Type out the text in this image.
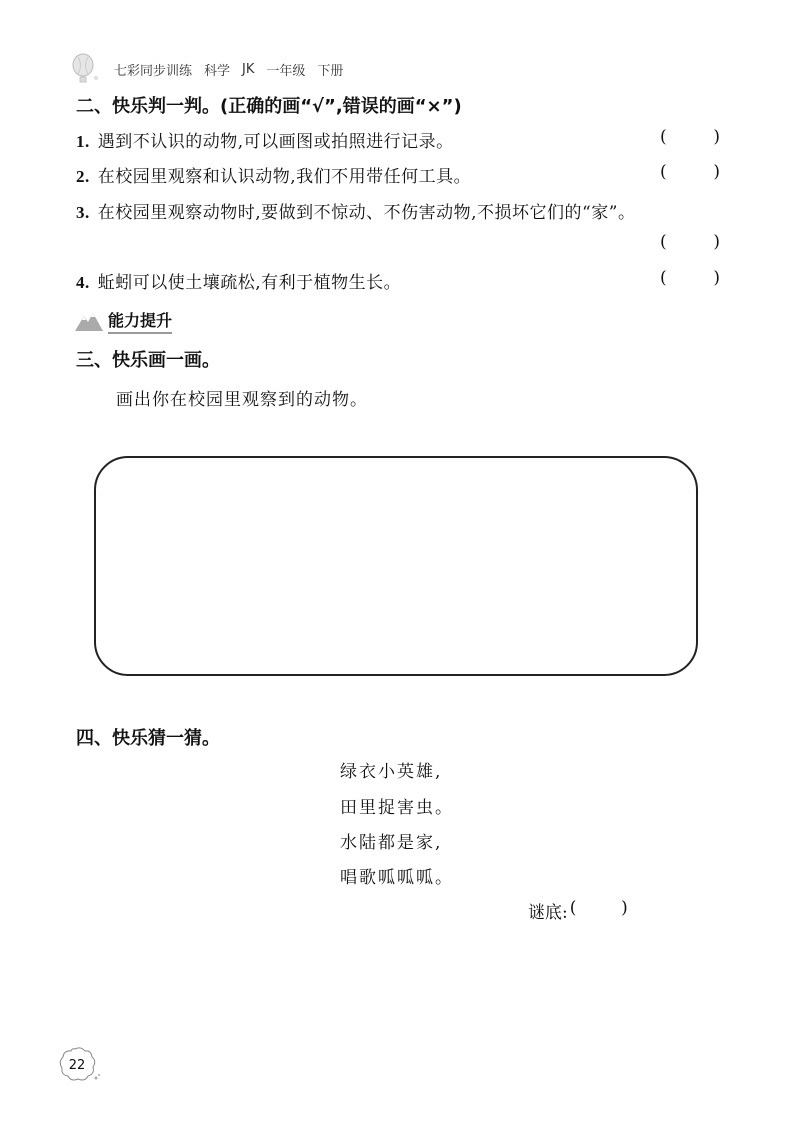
七彩同步训练 科学 JK 一年级 下册
二、快乐判一判。(正确的画“√”,错误的画“×”)
1. 遇到不认识的动物,可以画图或拍照进行记录。	(	)
2. 在校园里观察和认识动物,我们不用带任何工具。	(	)
3. 在校园里观察动物时,要做到不惊动、不伤害动物,不损坏它们的“家”。
(	)
4. 蚯蚓可以使土壤疏松,有利于植物生长。	(	)
能力提升
三、快乐画一画。
画出你在校园里观察到的动物。
四、快乐猜一猜。
绿衣小英雄,
田里捉害虫。
水陆都是家,
唱歌呱呱呱。
谜底: (	)
22
